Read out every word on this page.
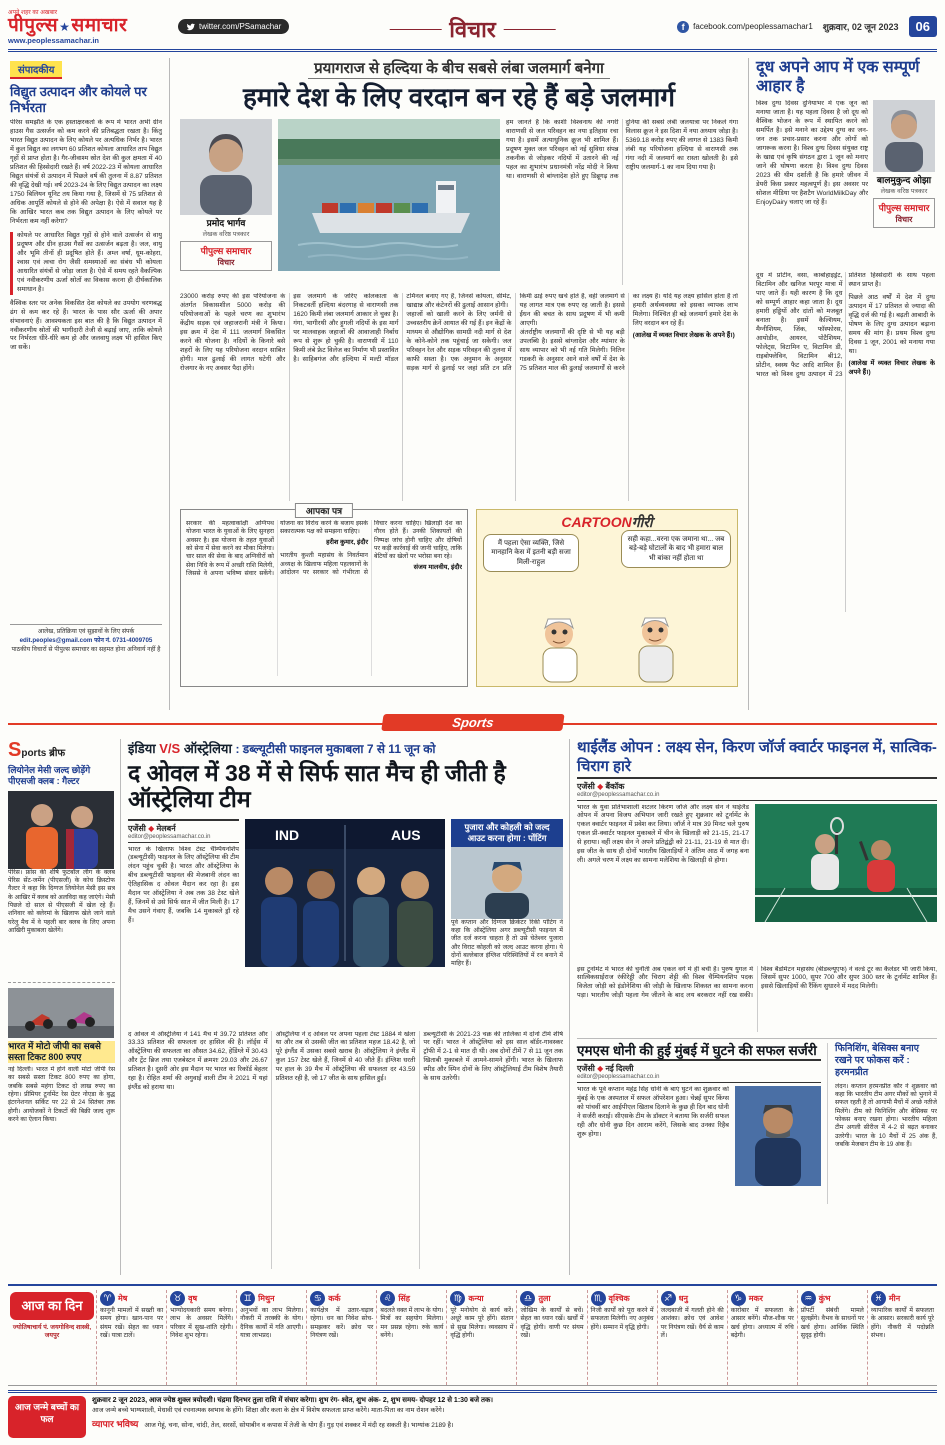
अपने शहर का अखबार
पीपुल्स★समाचार
www.peoplessamachar.in
twitter.com/PSamachar	विचार	f	facebook.com/peoplessamachar1 शुक्रवार, 02 जून 2023	06
संपादकीय
विद्युत उत्पादन और कोयले पर निर्भरता

पेरिस समझौते के एक हस्ताक्षरकर्ता के रूप में भारत अभी ग्रीन हाउस गैस उत्सर्जन को कम करने की प्रतिबद्धता रखता है। किंतु भारत विद्युत उत्पादन के लिए कोयले पर अत्यधिक निर्भर है। भारत में कुल विद्युत का लगभग 60 प्रतिशत कोयला आधारित ताप विद्युत गृहों से प्राप्त होता है। गैर-जीवाश्म स्रोत देश की कुल क्षमता में 40 प्रतिशत की हिस्सेदारी रखते हैं। वर्ष 2022-23 में कोयला आधारित विद्युत संयंत्रों से उत्पादन में पिछले वर्ष की तुलना में 8.87 प्रतिशत की वृद्धि देखी गई। वर्ष 2023-24 के लिए विद्युत उत्पादन का लक्ष्य 1750 बिलियन यूनिट तय किया गया है, जिसमें से 75 प्रतिशत से अधिक आपूर्ति कोयले से होने की अपेक्षा है। ऐसे में सवाल यह है कि आखिर भारत कब तक विद्युत उत्पादन के लिए कोयले पर निर्भरता कम नहीं करेगा?

कोयले पर आधारित विद्युत गृहों से होने वाले उत्सर्जन से वायु प्रदूषण और ग्रीन हाउस गैसों का उत्सर्जन बढ़ता है। जल, वायु और भूमि तीनों ही प्रदूषित होते हैं। अम्ल वर्षा, धूम-कोहरा, श्वास एवं त्वचा रोग जैसी समस्याओं का संबंध भी कोयला आधारित संयंत्रों से जोड़ा जाता है। ऐसे में समय रहते वैकल्पिक एवं नवीकरणीय ऊर्जा स्रोतों का विकास करना ही दीर्घकालिक समाधान है।

वैश्विक स्तर पर अनेक विकसित देश कोयले का उपयोग चरणबद्ध ढंग से कम कर रहे हैं। भारत के पास सौर ऊर्जा की अपार संभावनाएं हैं। आवश्यकता इस बात की है कि विद्युत उत्पादन में नवीकरणीय स्रोतों की भागीदारी तेजी से बढ़ाई जाए, ताकि कोयले पर निर्भरता धीरे-धीरे कम हो और जलवायु लक्ष्य भी हासिल किए जा सकें।

आलेख, प्रतिक्रिया एवं सुझावों के लिए संपर्क
edit.peoples@gmail.com फोन नं. 0731-4009705
पाठकीय विचारों से पीपुल्स समाचार का सहमत होना अनिवार्य नहीं है
प्रयागराज से हल्दिया के बीच सबसे लंबा जलमार्ग बनेगा
हमारे देश के लिए वरदान बन रहे हैं बड़े जलमार्ग
प्रमोद भार्गव
लेखक वरिष्ठ पत्रकार
पीपुल्स समाचार
विचार

हम जानते हैं कि काशी विश्वनाथ की नगरी वाराणसी से जल परिवहन का नया इतिहास रचा गया है। इसमें अत्याधुनिक क्रूज भी शामिल हैं। प्रदूषण मुक्त जल परिवहन को नई सुविधा संपन्न तकनीक से जोड़कर नदियों में उतारने की नई पहल का शुभारंभ प्रधानमंत्री नरेंद्र मोदी ने किया था। वाराणसी से बांग्लादेश होते हुए डिब्रूगढ़ तक दुनिया की सबसे लंबी जलयात्रा पर निकले गंगा विलास क्रूज ने इस दिशा में नया अध्याय जोड़ा है। 5369.18 करोड़ रुपए की लागत से 1383 किमी लंबी यह परियोजना हल्दिया से वाराणसी तक गंगा नदी में जलमार्ग का रास्ता खोलती है। इसे राष्ट्रीय जलमार्ग-1 का नाम दिया गया है।

23000 करोड़ रुपए की इस परियोजना के अंतर्गत विकासशील 5000 करोड़ की परियोजनाओं के पहले चरण का शुभारंभ केंद्रीय सड़क एवं जहाजरानी मंत्री ने किया। इस क्रम में देश में 111 जलमार्ग विकसित करने की योजना है। नदियों के किनारे बसे शहरों के लिए यह परियोजना वरदान साबित होगी। माल ढुलाई की लागत घटेगी और रोजगार के नए अवसर पैदा होंगे।

इस जलमार्ग के जरिए कोलकाता के निकटवर्ती हल्दिया बंदरगाह से वाराणसी तक 1620 किमी लंबा जलमार्ग आकार ले चुका है। गंगा, भागीरथी और हुगली नदियों के इस मार्ग पर मालवाहक जहाजों की आवाजाही निर्बाध रूप से शुरू हो चुकी है। वाराणसी में 110 किमी लंबे फ्रेट विलेज का निर्माण भी प्रस्तावित है। साहिबगंज और हल्दिया में मल्टी मॉडल टर्मिनल बनाए गए हैं, जिनसे कोयला, सीमेंट, खाद्यान्न और कंटेनरों की ढुलाई आसान होगी।

जहाजों को खाली करने के लिए जर्मनी से उच्चस्तरीय क्रेनें आयात की गई हैं। इन केंद्रों के माध्यम से औद्योगिक सामग्री नदी मार्ग से देश के कोने-कोने तक पहुंचाई जा सकेगी। जल परिवहन रेल और सड़क परिवहन की तुलना में काफी सस्ता है। एक अनुमान के अनुसार सड़क मार्ग से ढुलाई पर जहां प्रति टन प्रति किमी ढाई रुपए खर्च होते हैं, वहीं जलमार्ग से यह लागत मात्र एक रुपए रह जाती है। इससे ईंधन की बचत के साथ प्रदूषण में भी कमी आएगी।

अंतर्राष्ट्रीय जलमार्गों की दृष्टि से भी यह बड़ी उपलब्धि है। इससे बांग्लादेश और म्यांमार के साथ व्यापार को भी नई गति मिलेगी। नितिन गडकरी के अनुसार आने वाले वर्षों में देश के 75 प्रतिशत माल की ढुलाई जलमार्गों से करने का लक्ष्य है। यदि यह लक्ष्य हासिल होता है तो हमारी अर्थव्यवस्था को इसका व्यापक लाभ मिलेगा। निश्चित ही बड़े जलमार्ग हमारे देश के लिए वरदान बन रहे हैं।

(आलेख में व्यक्त विचार लेखक के अपने हैं।)

आपका पत्र

सरकार की महत्वाकांक्षी अग्निपथ योजना भारत के युवाओं के लिए सुनहरा अवसर है। इस योजना के तहत युवाओं को सेना में सेवा करने का मौका मिलेगा। चार साल की सेवा के बाद अग्निवीरों को सेवा निधि के रूप में अच्छी राशि मिलेगी, जिससे वे अपना भविष्य संवार सकेंगे। योजना का विरोध करने के बजाय इसके सकारात्मक पक्ष को समझना चाहिए।

हरीश कुमार, इंदौर

भारतीय कुश्ती महासंघ के निवर्तमान अध्यक्ष के खिलाफ महिला पहलवानों के आंदोलन पर सरकार को गंभीरता से विचार करना चाहिए। खिलाड़ी देश का गौरव होते हैं। उनकी शिकायतों की निष्पक्ष जांच होनी चाहिए और दोषियों पर कड़ी कार्रवाई की जानी चाहिए, ताकि बेटियों का खेलों पर भरोसा बना रहे।

संजय मालवीय, इंदौर
CARTOONगीरी
मैं पहला ऐसा व्यक्ति, जिसे मानहानि केस में इतनी बड़ी सजा मिली-राहुल
सही कहा...वरना एक जमाना था... जब बड़े-बड़े घोटालों के बाद भी हमारा बाल भी बांका नहीं होता था
दूध अपने आप में एक सम्पूर्ण आहार है
विश्व दुग्ध दिवस दुनियाभर में एक जून को मनाया जाता है। यह पहला दिवस है जो दूध को वैश्विक भोजन के रूप में स्थापित करने को समर्पित है। इसे मनाने का उद्देश्य दुग्ध का जन-जन तक प्रचार-प्रसार करना और लोगों को जागरूक करना है। विश्व दुग्ध दिवस संयुक्त राष्ट्र के खाद्य एवं कृषि संगठन द्वारा 1 जून को मनाए जाने की घोषणा करता है। विश्व दुग्ध दिवस 2023 की थीम दर्शाती है कि हमारे जीवन में डेयरी किस प्रकार महत्वपूर्ण है। इस अवसर पर सोशल मीडिया पर हैशटैग WorldMilkDay और EnjoyDairy चलाए जा रहे हैं।
बालमुकुन्द ओझा
लेखक वरिष्ठ पत्रकार
पीपुल्स समाचार
विचार

दूध में प्रोटीन, वसा, कार्बोहाइड्रेट, विटामिन और खनिज भरपूर मात्रा में पाए जाते हैं। यही कारण है कि दूध को सम्पूर्ण आहार कहा जाता है। दूध हमारी हड्डियों और दांतों को मजबूत बनाता है। इसमें कैल्शियम, मैग्नीशियम, जिंक, फॉस्फोरस, आयोडीन, आयरन, पोटैशियम, फोलेट्स, विटामिन ए, विटामिन डी, राइबोफ्लेविन, विटामिन बी12, प्रोटीन, स्वस्थ फैट आदि शामिल हैं। भारत को विश्व दुग्ध उत्पादन में 23 प्रतिशत हिस्सेदारी के साथ पहला स्थान प्राप्त है।

पिछले आठ वर्षों में देश में दुग्ध उत्पादन में 17 प्रतिशत से ज्यादा की वृद्धि दर्ज की गई है। बढ़ती आबादी के पोषण के लिए दुग्ध उत्पादन बढ़ाना समय की मांग है। प्रथम विश्व दुग्ध दिवस 1 जून, 2001 को मनाया गया था।

(आलेख में व्यक्त विचार लेखक के अपने हैं।)

Sports
Sports ब्रीफ
लियोनेल मेसी जल्द छोड़ेंगे पीएसजी क्लब : गैल्टर
पेरिस। फ्रांस की शीर्ष फुटबॉल लीग के क्लब पेरिस सेंट-जर्मेन (पीएसजी) के कोच क्रिस्टोफ गैल्टर ने कहा कि दिग्गज लियोनेल मेसी इस सत्र के आखिर में क्लब को अलविदा कह जाएंगे। मेसी पिछले दो साल से पीएसजी में खेल रहे हैं। शनिवार को क्लेरमां के खिलाफ खेले जाने वाले घरेलू मैच में वे पहली बार क्लब के लिए अपना आखिरी मुकाबला खेलेंगे।
भारत में मोटो जीपी का सबसे सस्ता टिकट 800 रुपए
नई दिल्ली। भारत में होने वाली मोटो जीपी रेस का सबसे सस्ता टिकट 800 रुपए का होगा, जबकि सबसे महंगा टिकट दो लाख रुपए का रहेगा। प्रीमियर टूर्नामेंट रेस ग्रेटर नोएडा के बुद्ध इंटरनेशनल सर्किट पर 22 से 24 सितंबर तक होगी। आयोजकों ने टिकटों की बिक्री जल्द शुरू करने का ऐलान किया।
इंडिया V/S ऑस्ट्रेलिया : डब्ल्यूटीसी फाइनल मुकाबला 7 से 11 जून को
द ओवल में 38 में से सिर्फ सात मैच ही जीती है ऑस्ट्रेलिया टीम
एजेंसी ◆ मेलबर्न
editor@peoplessamachar.co.in
भारत के खिलाफ विश्व टेस्ट चैम्पियनशिप (डब्ल्यूटीसी) फाइनल के लिए ऑस्ट्रेलिया की टीम लंदन पहुंच चुकी है। भारत और ऑस्ट्रेलिया के बीच डब्ल्यूटीसी फाइनल की मेजबानी लंदन का ऐतिहासिक द ओवल मैदान कर रहा है। इस मैदान पर ऑस्ट्रेलिया ने अब तक 38 टेस्ट खेले हैं, जिनमें से उसे सिर्फ सात में जीत मिली है। 17 मैच उसने गंवाए हैं, जबकि 14 मुकाबले ड्रॉ रहे हैं।
IND	AUS	पुजारा और कोहली को जल्द आउट करना होगा : पोंटिंग
पूर्व कप्तान और दिग्गज क्रिकेटर रिकी पोंटिंग ने कहा कि ऑस्ट्रेलिया अगर डब्ल्यूटीसी फाइनल में जीत दर्ज करना चाहता है तो उसे चेतेश्वर पुजारा और विराट कोहली को जल्द आउट करना होगा। ये दोनों बल्लेबाज इंग्लिश परिस्थितियों में रन बनाने में माहिर हैं।

द ओवल में ऑस्ट्रेलिया ने 141 मैच में 39.72 प्रतिशत और 33.33 प्रतिशत की सफलता दर हासिल की है। लॉर्ड्स में ऑस्ट्रेलिया की सफलता का औसत 34.62, हेडिंग्ले में 30.43 और ट्रेंट ब्रिज तथा एजबेस्टन में क्रमशः 29.03 और 26.67 प्रतिशत है। दूसरी ओर इस मैदान पर भारत का रिकॉर्ड बेहतर रहा है। रोहित शर्मा की अगुवाई वाली टीम ने 2021 में यहां इंग्लैंड को हराया था।

ऑस्ट्रेलिया ने द ओवल पर अपना पहला टेस्ट 1884 में खेला था और तब से उसकी जीत का प्रतिशत महज 18.42 है, जो पूरे इंग्लैंड में उसका सबसे खराब है। ऑस्ट्रेलिया ने इंग्लैंड में कुल 157 टेस्ट खेले हैं, जिनमें से 40 जीते हैं। इंग्लिश धरती पर हाल के 39 मैच में ऑस्ट्रेलिया की सफलता दर 43.59 प्रतिशत रही है, जो 17 जीत के साथ हासिल हुई।

डब्ल्यूटीसी के 2021-23 चक्र की तालिका में दोनों टीमें शीर्ष पर रहीं। भारत ने ऑस्ट्रेलिया को इस साल बॉर्डर-गावस्कर ट्रॉफी में 2-1 से मात दी थी। अब दोनों टीमें 7 से 11 जून तक खिताबी मुकाबले में आमने-सामने होंगी। भारत के खिलाफ स्पीड और स्पिन दोनों के लिए ऑस्ट्रेलियाई टीम विशेष तैयारी के साथ उतरेगी।

थाईलैंड ओपन : लक्ष्य सेन, किरण जॉर्ज क्वार्टर फाइनल में, सात्विक-चिराग हारे
एजेंसी ◆ बैंकॉक
editor@peoplessamachar.co.in
भारत के युवा प्रतिभाशाली शटलर किरण जॉर्ज और लक्ष्य सेन ने थाईलैंड ओपन में अपना विजय अभियान जारी रखते हुए शुक्रवार को टूर्नामेंट के एकल क्वार्टर फाइनल में प्रवेश कर लिया। जॉर्ज ने मात्र 39 मिनट चले पुरुष एकल प्री-क्वार्टर फाइनल मुकाबले में चीन के खिलाड़ी को 21-15, 21-17 से हराया। वहीं लक्ष्य सेन ने अपने प्रतिद्वंद्वी को 21-11, 21-19 से मात दी। इस जीत के साथ ही दोनों भारतीय खिलाड़ियों ने अंतिम आठ में जगह बना ली। अगले चरण में लक्ष्य का सामना मलेशिया के खिलाड़ी से होगा।
इस टूर्नामेंट में भारत की चुनौती अब एकल वर्ग में ही बची है। पुरुष युगल में सात्विकसाईराज रंकीरेड्डी और चिराग शेट्टी की विश्व चैम्पियनशिप पदक विजेता जोड़ी को इंडोनेशिया की जोड़ी के खिलाफ शिकस्त का सामना करना पड़ा। भारतीय जोड़ी पहला गेम जीतने के बाद लय बरकरार नहीं रख सकी। विश्व बैडमिंटन महासंघ (बीडब्ल्यूएफ) ने वर्ल्ड टूर का कैलेंडर भी जारी किया, जिसमें सुपर 1000, सुपर 700 और सुपर 300 स्तर के टूर्नामेंट शामिल हैं। इससे खिलाड़ियों की रैंकिंग सुधारने में मदद मिलेगी।
एमएस धोनी की हुई मुंबई में घुटने की सफल सर्जरी
एजेंसी ◆ नई दिल्ली
editor@peoplessamachar.co.in
भारत के पूर्व कप्तान महेंद्र सिंह धोनी के बाएं घुटने का शुक्रवार को मुंबई के एक अस्पताल में सफल ऑपरेशन हुआ। चेन्नई सुपर किंग्स को पांचवीं बार आईपीएल खिताब दिलाने के कुछ ही दिन बाद धोनी ने सर्जरी कराई। सीएसके टीम के डॉक्टर ने बताया कि सर्जरी सफल रही और धोनी कुछ दिन आराम करेंगे, जिसके बाद उनका रिहैब शुरू होगा।
फिनिशिंग, बेसिक्स बनाए रखने पर फोकस करें : हरमनप्रीत
लंदन। कप्तान हरमनप्रीत कौर ने शुक्रवार को कहा कि भारतीय टीम अगर मौकों को भुनाने में सफल रहती है तो आगामी मैचों में अच्छे नतीजे मिलेंगे। टीम को फिनिशिंग और बेसिक्स पर फोकस बनाए रखना होगा। भारतीय महिला टीम अगली सीरीज में 4-2 से बढ़त बनाकर उतरेगी। भारत के 10 मैचों में 25 अंक हैं, जबकि मेजबान टीम के 19 अंक हैं।
आज का दिन
ज्योतिषाचार्य पं. जयगोविन्द शास्त्री, जयपुर
♈ मेष
कानूनी मामलों में सख्ती का समय होगा। खान-पान पर संयम रखें। सेहत का ध्यान रखें। यात्रा टालें।
♉ वृष
भाग्योदयकारी समय बनेगा। लाभ के अवसर मिलेंगे। परिवार में सुख-शांति रहेगी। निवेश शुभ रहेगा।
♊ मिथुन
अनुभवों का लाभ मिलेगा। नौकरी में तरक्की के योग। दैनिक कार्यों में गति आएगी। यात्रा लाभप्रद।
♋ कर्क
कार्यक्षेत्र में उतार-चढ़ाव रहेगा। धन का निवेश सोच-समझकर करें। क्रोध पर नियंत्रण रखें।
♌ सिंह
बदलते वक्त में लाभ के योग। मित्रों का सहयोग मिलेगा। मन प्रसन्न रहेगा। रुके कार्य बनेंगे।
♍ कन्या
पूरे मनोयोग से कार्य करें। अधूरे काम पूरे होंगे। संतान से सुख मिलेगा। व्यवसाय में वृद्धि होगी।
♎ तुला
जोखिम के कार्यों से बचें। सेहत का ध्यान रखें। खर्चों में वृद्धि होगी। वाणी पर संयम रखें।
♏ वृश्चिक
निजी कार्यों को पूरा करने में सफलता मिलेगी। नए अनुबंध होंगे। सम्मान में वृद्धि होगी।
♐ धनु
जल्दबाजी में गलती होने की आशंका। क्रोध एवं आवेश पर नियंत्रण रखें। धैर्य से काम लें।
♑ मकर
कारोबार में सफलता के आसार बनेंगे। मौज-शौक पर खर्च होगा। अध्यात्म में रुचि बढ़ेगी।
♒ कुंभ
प्रॉपर्टी संबंधी मामले सुलझेंगे। वैभव के साधनों पर खर्च होगा। आर्थिक स्थिति सुदृढ़ होगी।
♓ मीन
व्यापारिक कार्यों में सफलता के आसार। सरकारी कार्य पूरे होंगे। नौकरी में पदोन्नति संभव।
आज जन्मे बच्चों का फल
शुक्रवार 2 जून 2023, आज ज्येष्ठ शुक्ल त्रयोदशी। चंद्रमा दिनभर तुला राशि में संचार करेगा। शुभ रंग- श्वेत, शुभ अंक- 2, शुभ समय- दोपहर 12 से 1:30 बजे तक।
आज जन्मे बच्चे भाग्यशाली, मेधावी एवं रचनात्मक स्वभाव के होंगे। शिक्षा और कला के क्षेत्र में विशेष सफलता प्राप्त करेंगे। माता-पिता का नाम रोशन करेंगे।
व्यापार भविष्य आज गेहूं, चना, सोना, चांदी, तेल, सरसों, सोयाबीन व कपास में तेजी के योग हैं। गुड़ एवं शक्कर में मंदी रह सकती है। भाग्यांक 2189 है।
